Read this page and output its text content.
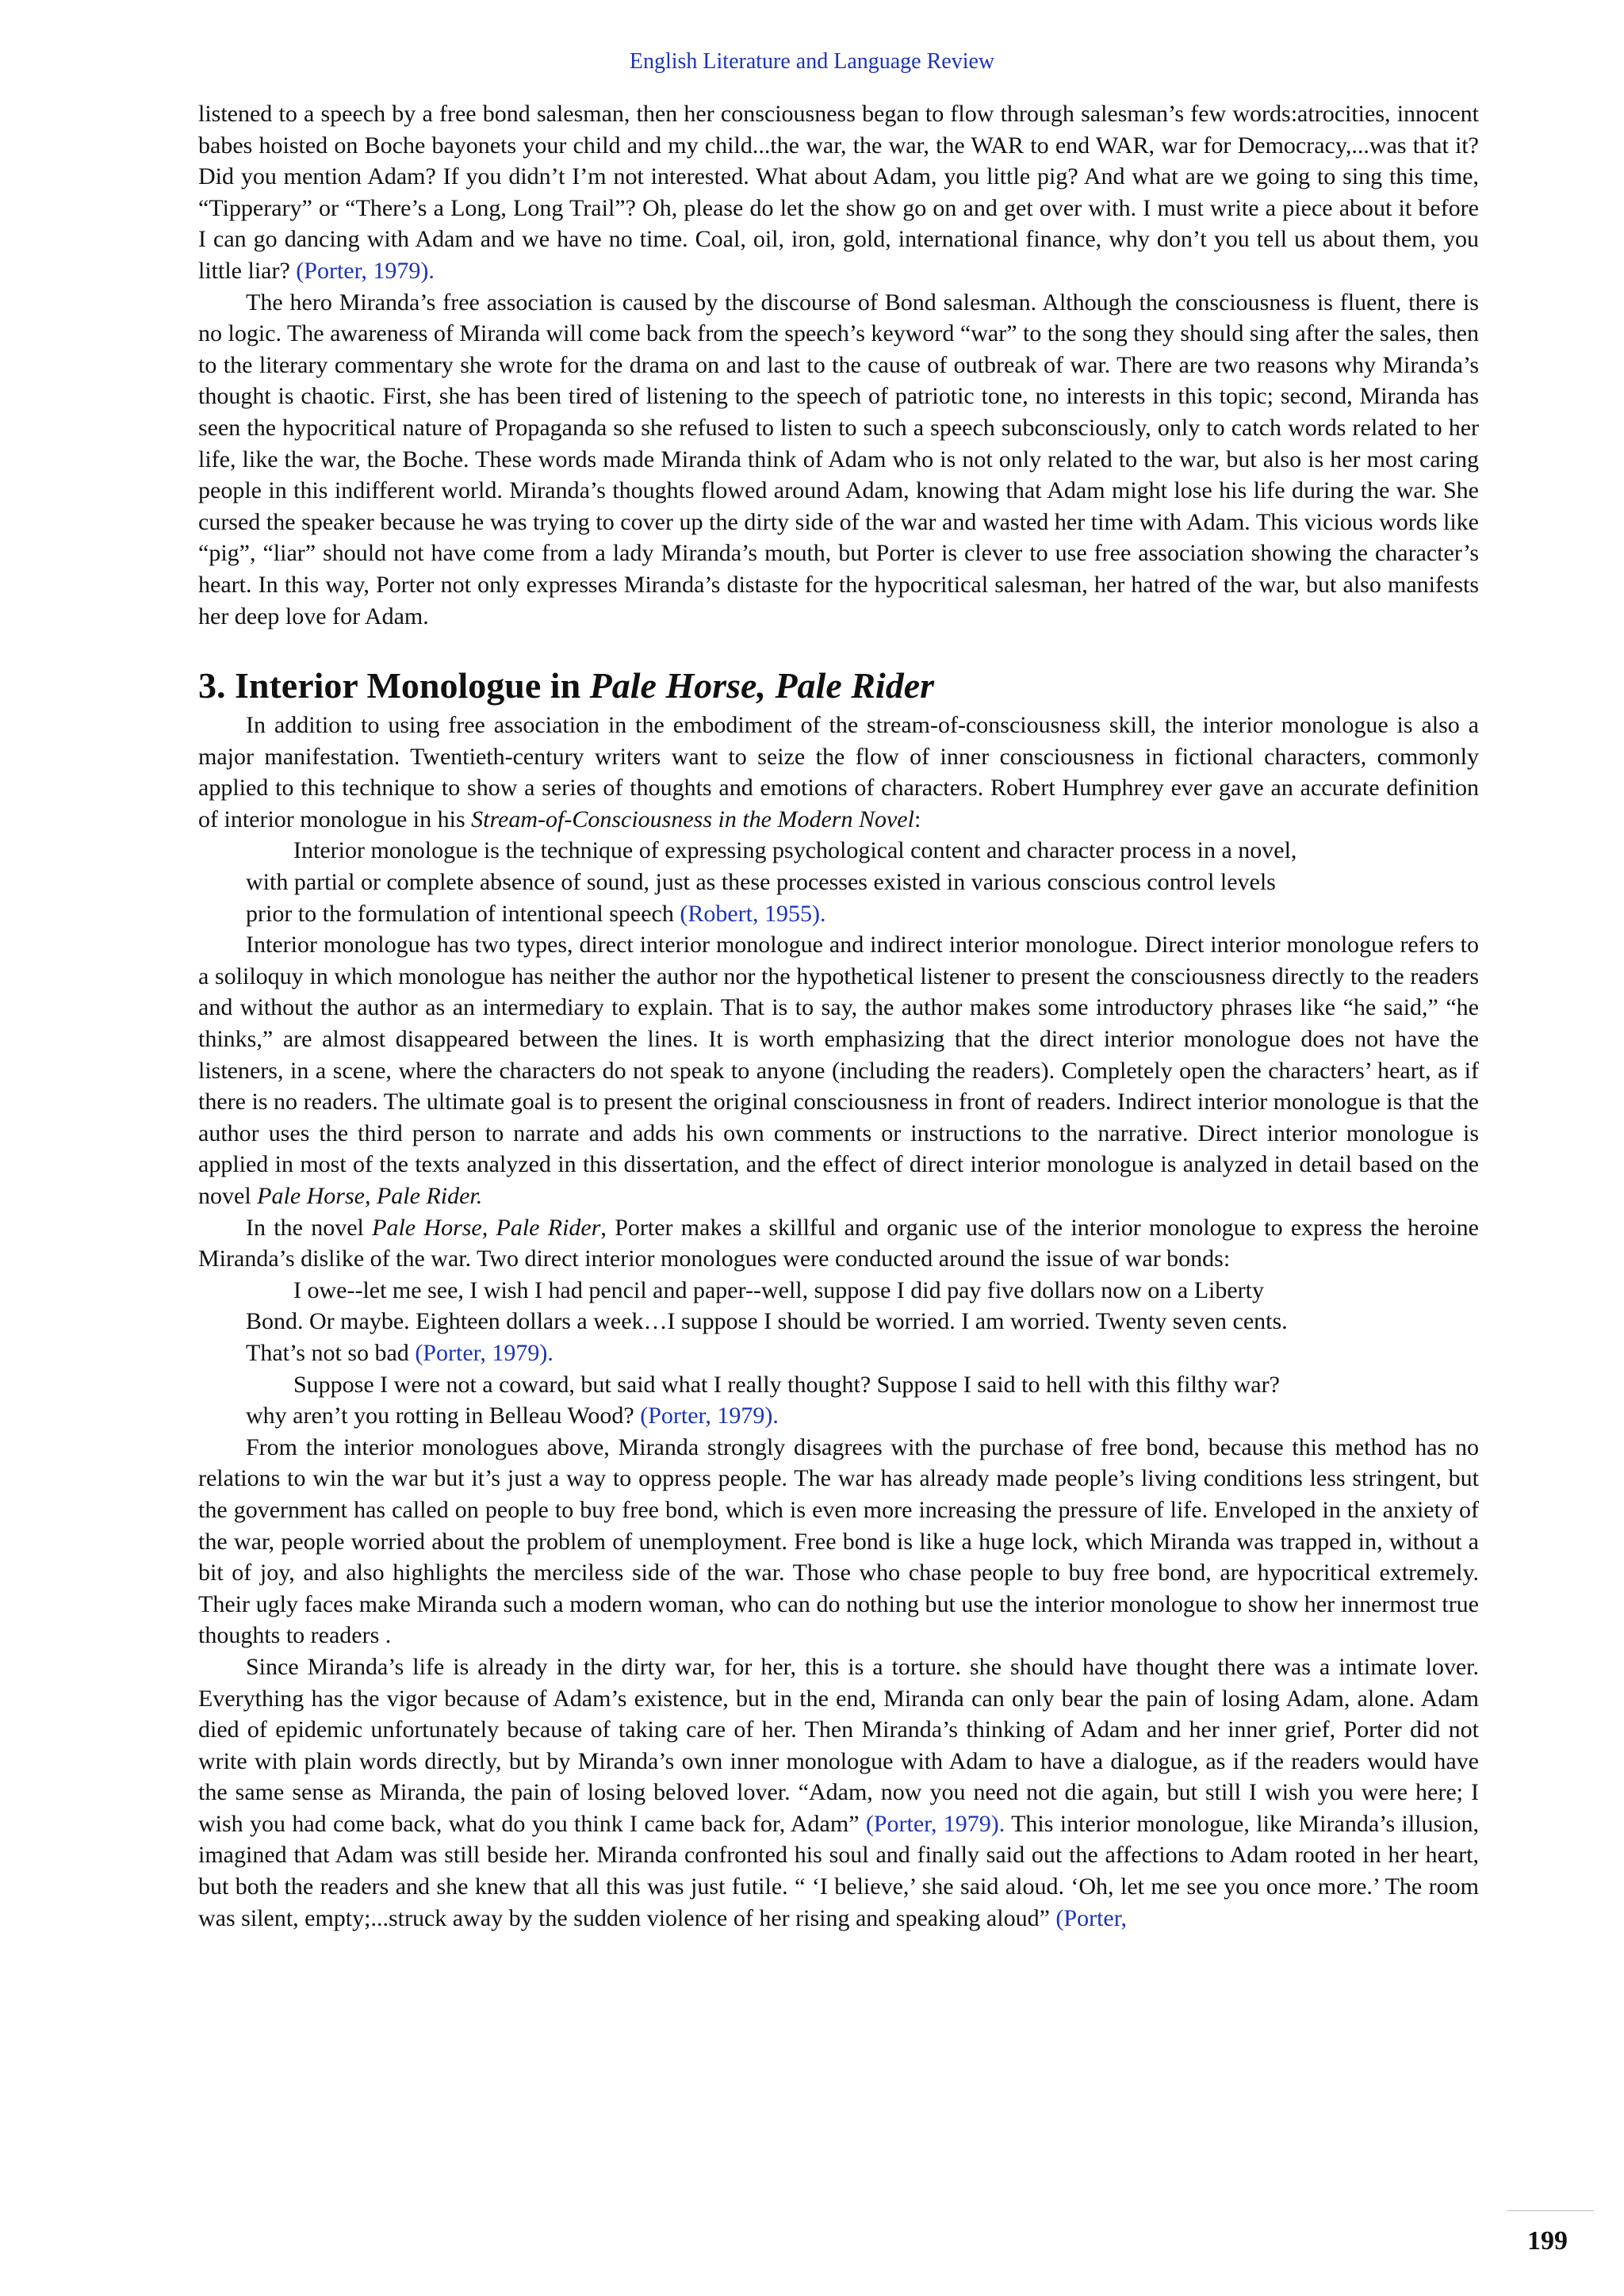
English Literature and Language Review

listened to a speech by a free bond salesman, then her consciousness began to flow through salesman’s few words:atrocities, innocent babes hoisted on Boche bayonets your child and my child...the war, the war, the WAR to end WAR, war for Democracy,...was that it? Did you mention Adam? If you didn’t I’m not interested. What about Adam, you little pig? And what are we going to sing this time, “Tipperary” or “There’s a Long, Long Trail”? Oh, please do let the show go on and get over with. I must write a piece about it before I can go dancing with Adam and we have no time. Coal, oil, iron, gold, international finance, why don’t you tell us about them, you little liar? (Porter, 1979).

The hero Miranda’s free association is caused by the discourse of Bond salesman. Although the consciousness is fluent, there is no logic. The awareness of Miranda will come back from the speech’s keyword “war” to the song they should sing after the sales, then to the literary commentary she wrote for the drama on and last to the cause of outbreak of war. There are two reasons why Miranda’s thought is chaotic. First, she has been tired of listening to the speech of patriotic tone, no interests in this topic; second, Miranda has seen the hypocritical nature of Propaganda so she refused to listen to such a speech subconsciously, only to catch words related to her life, like the war, the Boche. These words made Miranda think of Adam who is not only related to the war, but also is her most caring people in this indifferent world. Miranda’s thoughts flowed around Adam, knowing that Adam might lose his life during the war. She cursed the speaker because he was trying to cover up the dirty side of the war and wasted her time with Adam. This vicious words like “pig”, “liar” should not have come from a lady Miranda’s mouth, but Porter is clever to use free association showing the character’s heart. In this way, Porter not only expresses Miranda’s distaste for the hypocritical salesman, her hatred of the war, but also manifests her deep love for Adam.

3. Interior Monologue in Pale Horse, Pale Rider

In addition to using free association in the embodiment of the stream-of-consciousness skill, the interior monologue is also a major manifestation. Twentieth-century writers want to seize the flow of inner consciousness in fictional characters, commonly applied to this technique to show a series of thoughts and emotions of characters. Robert Humphrey ever gave an accurate definition of interior monologue in his Stream-of-Consciousness in the Modern Novel:

Interior monologue is the technique of expressing psychological content and character process in a novel,

with partial or complete absence of sound, just as these processes existed in various conscious control levels

prior to the formulation of intentional speech (Robert, 1955).

Interior monologue has two types, direct interior monologue and indirect interior monologue. Direct interior monologue refers to a soliloquy in which monologue has neither the author nor the hypothetical listener to present the consciousness directly to the readers and without the author as an intermediary to explain. That is to say, the author makes some introductory phrases like “he said,” “he thinks,” are almost disappeared between the lines. It is worth emphasizing that the direct interior monologue does not have the listeners, in a scene, where the characters do not speak to anyone (including the readers). Completely open the characters’ heart, as if there is no readers. The ultimate goal is to present the original consciousness in front of readers. Indirect interior monologue is that the author uses the third person to narrate and adds his own comments or instructions to the narrative. Direct interior monologue is applied in most of the texts analyzed in this dissertation, and the effect of direct interior monologue is analyzed in detail based on the novel Pale Horse, Pale Rider.

In the novel Pale Horse, Pale Rider, Porter makes a skillful and organic use of the interior monologue to express the heroine Miranda’s dislike of the war. Two direct interior monologues were conducted around the issue of war bonds:

I owe--let me see, I wish I had pencil and paper--well, suppose I did pay five dollars now on a Liberty

Bond. Or maybe. Eighteen dollars a week…I suppose I should be worried. I am worried. Twenty seven cents.

That’s not so bad (Porter, 1979).

Suppose I were not a coward, but said what I really thought? Suppose I said to hell with this filthy war?

why aren’t you rotting in Belleau Wood? (Porter, 1979).

From the interior monologues above, Miranda strongly disagrees with the purchase of free bond, because this method has no relations to win the war but it’s just a way to oppress people. The war has already made people’s living conditions less stringent, but the government has called on people to buy free bond, which is even more increasing the pressure of life. Enveloped in the anxiety of the war, people worried about the problem of unemployment. Free bond is like a huge lock, which Miranda was trapped in, without a bit of joy, and also highlights the merciless side of the war. Those who chase people to buy free bond, are hypocritical extremely. Their ugly faces make Miranda such a modern woman, who can do nothing but use the interior monologue to show her innermost true thoughts to readers .

Since Miranda’s life is already in the dirty war, for her, this is a torture. she should have thought there was a intimate lover. Everything has the vigor because of Adam’s existence, but in the end, Miranda can only bear the pain of losing Adam, alone. Adam died of epidemic unfortunately because of taking care of her. Then Miranda’s thinking of Adam and her inner grief, Porter did not write with plain words directly, but by Miranda’s own inner monologue with Adam to have a dialogue, as if the readers would have the same sense as Miranda, the pain of losing beloved lover. “Adam, now you need not die again, but still I wish you were here; I wish you had come back, what do you think I came back for, Adam” (Porter, 1979). This interior monologue, like Miranda’s illusion, imagined that Adam was still beside her. Miranda confronted his soul and finally said out the affections to Adam rooted in her heart, but both the readers and she knew that all this was just futile. “ ‘I believe,’ she said aloud. ‘Oh, let me see you once more.’ The room was silent, empty;...struck away by the sudden violence of her rising and speaking aloud” (Porter,

199
